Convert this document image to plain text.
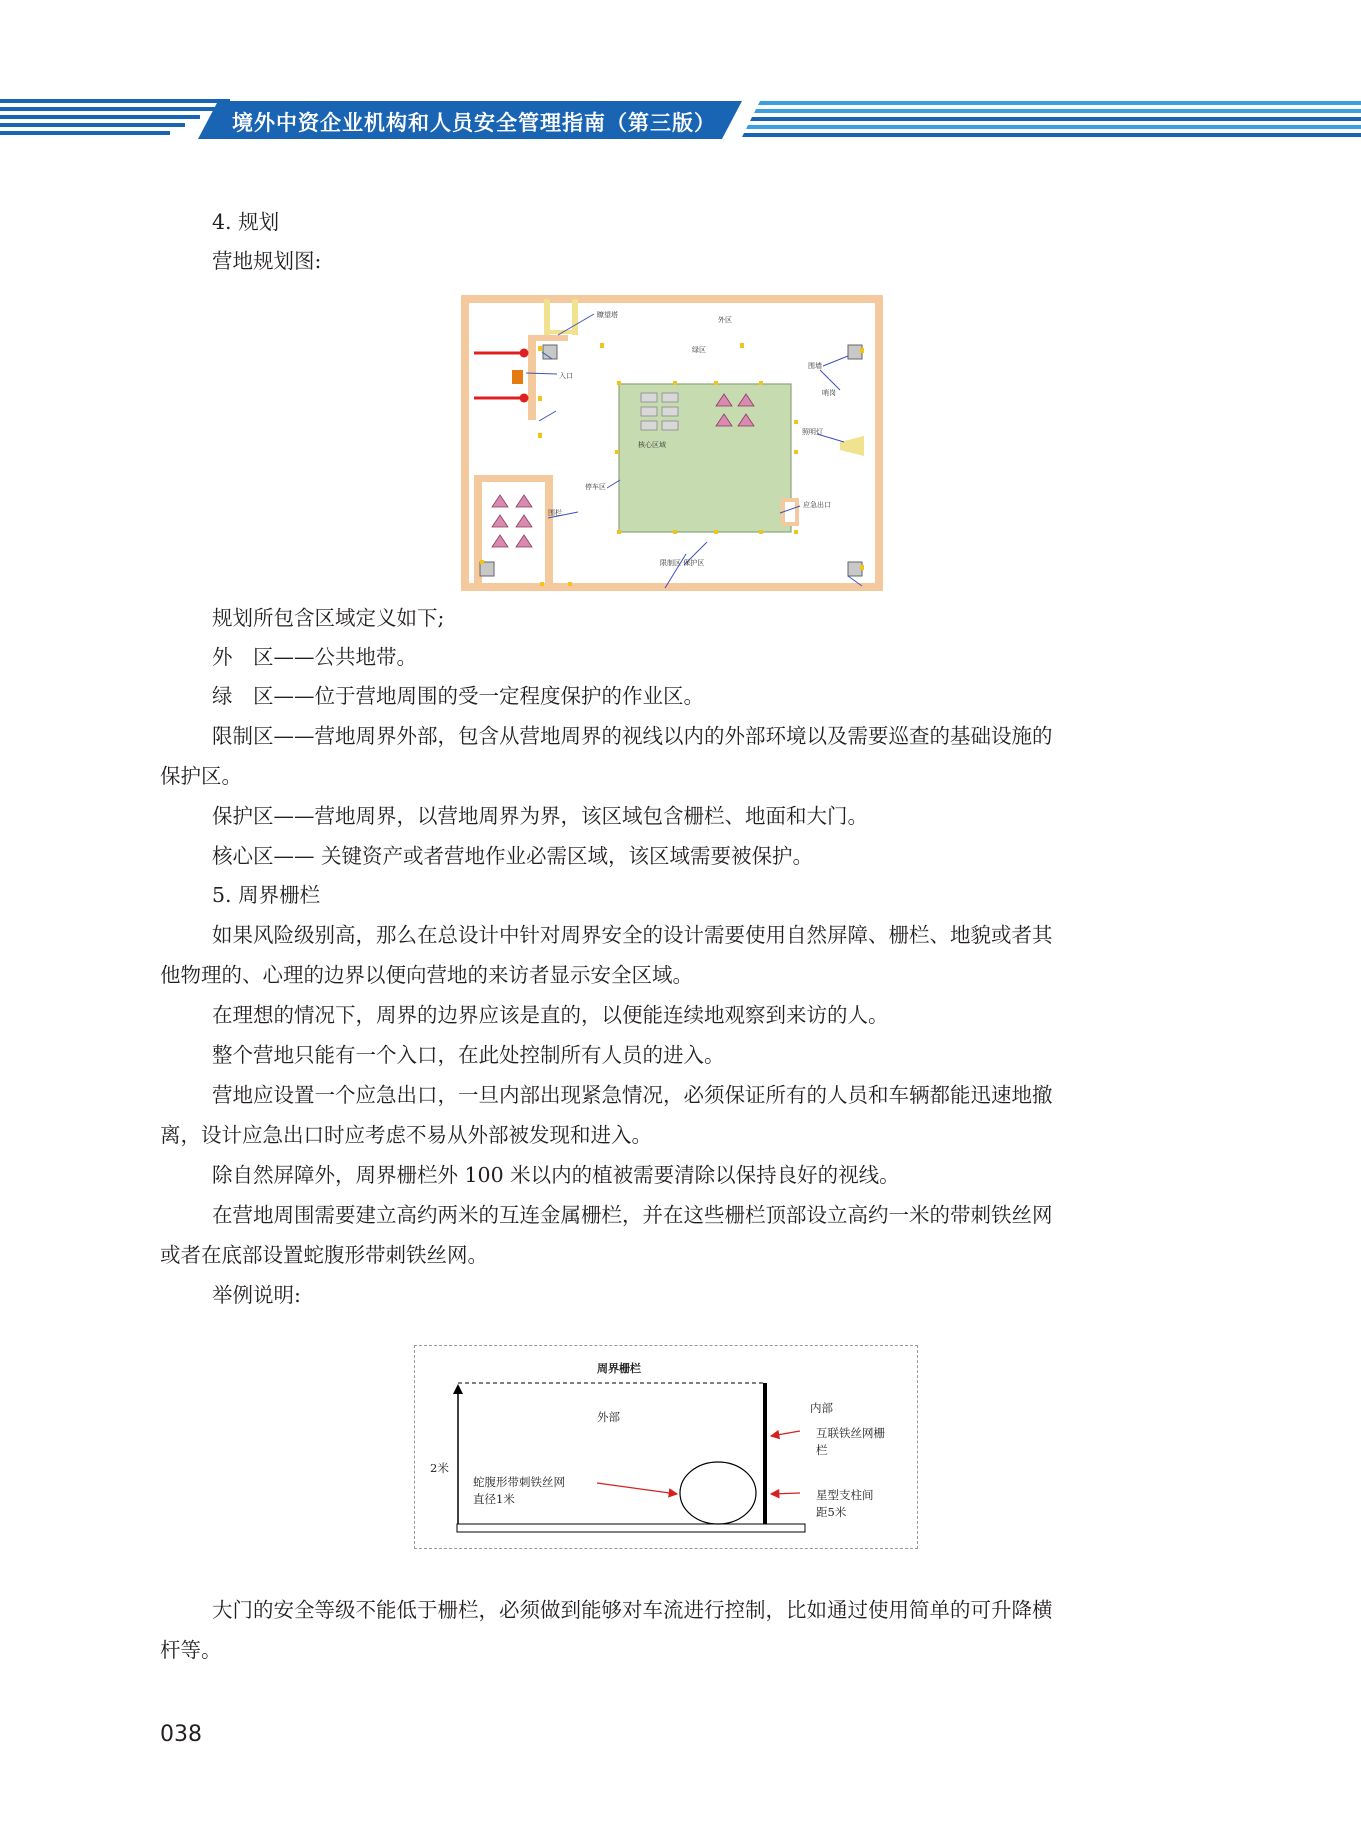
境外中资企业机构和人员安全管理指南（第三版）
4. 规划
营地规划图:
瞭望塔
外区
绿区
入口
围墙
哨岗
照明灯
核心区域
停车区
围栏
应急出口
限制区 保护区
规划所包含区域定义如下;
外　区——公共地带。
绿　区——位于营地周围的受一定程度保护的作业区。
限制区——营地周界外部，包含从营地周界的视线以内的外部环境以及需要巡查的基础设施的
保护区。
保护区——营地周界，以营地周界为界，该区域包含栅栏、地面和大门。
核心区—— 关键资产或者营地作业必需区域，该区域需要被保护。
5. 周界栅栏
如果风险级别高，那么在总设计中针对周界安全的设计需要使用自然屏障、栅栏、地貌或者其
他物理的、心理的边界以便向营地的来访者显示安全区域。
在理想的情况下，周界的边界应该是直的，以便能连续地观察到来访的人。
整个营地只能有一个入口，在此处控制所有人员的进入。
营地应设置一个应急出口，一旦内部出现紧急情况，必须保证所有的人员和车辆都能迅速地撤
离，设计应急出口时应考虑不易从外部被发现和进入。
除自然屏障外，周界栅栏外 100 米以内的植被需要清除以保持良好的视线。
在营地周围需要建立高约两米的互连金属栅栏，并在这些栅栏顶部设立高约一米的带刺铁丝网
或者在底部设置蛇腹形带刺铁丝网。
举例说明:
周界栅栏
外部
内部
2米
蛇腹形带刺铁丝网
直径1米
互联铁丝网栅
栏
星型支柱间
距5米
大门的安全等级不能低于栅栏，必须做到能够对车流进行控制，比如通过使用简单的可升降横
杆等。
038
